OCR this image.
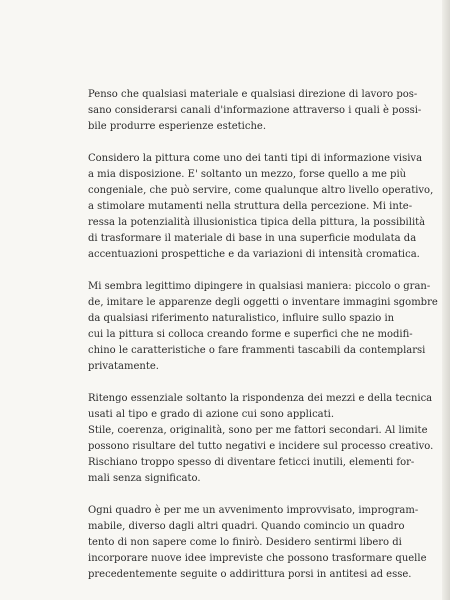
Penso che qualsiasi materiale e qualsiasi direzione di lavoro pos-
sano considerarsi canali d'informazione attraverso i quali è possi-
bile produrre esperienze estetiche.
Considero la pittura come uno dei tanti tipi di informazione visiva
a mia disposizione. E' soltanto un mezzo, forse quello a me più
congeniale, che può servire, come qualunque altro livello operativo,
a stimolare mutamenti nella struttura della percezione. Mi inte-
ressa la potenzialità illusionistica tipica della pittura, la possibilità
di trasformare il materiale di base in una superficie modulata da
accentuazioni prospettiche e da variazioni di intensità cromatica.
Mi sembra legittimo dipingere in qualsiasi maniera: piccolo o gran-
de, imitare le apparenze degli oggetti o inventare immagini sgombre
da qualsiasi riferimento naturalistico, influire sullo spazio in
cui la pittura si colloca creando forme e superfici che ne modifi-
chino le caratteristiche o fare frammenti tascabili da contemplarsi
privatamente.
Ritengo essenziale soltanto la rispondenza dei mezzi e della tecnica
usati al tipo e grado di azione cui sono applicati.
Stile, coerenza, originalità, sono per me fattori secondari. Al limite
possono risultare del tutto negativi e incidere sul processo creativo.
Rischiano troppo spesso di diventare feticci inutili, elementi for-
mali senza significato.
Ogni quadro è per me un avvenimento improvvisato, improgram-
mabile, diverso dagli altri quadri. Quando comincio un quadro
tento di non sapere come lo finirò. Desidero sentirmi libero di
incorporare nuove idee impreviste che possono trasformare quelle
precedentemente seguite o addirittura porsi in antitesi ad esse.
